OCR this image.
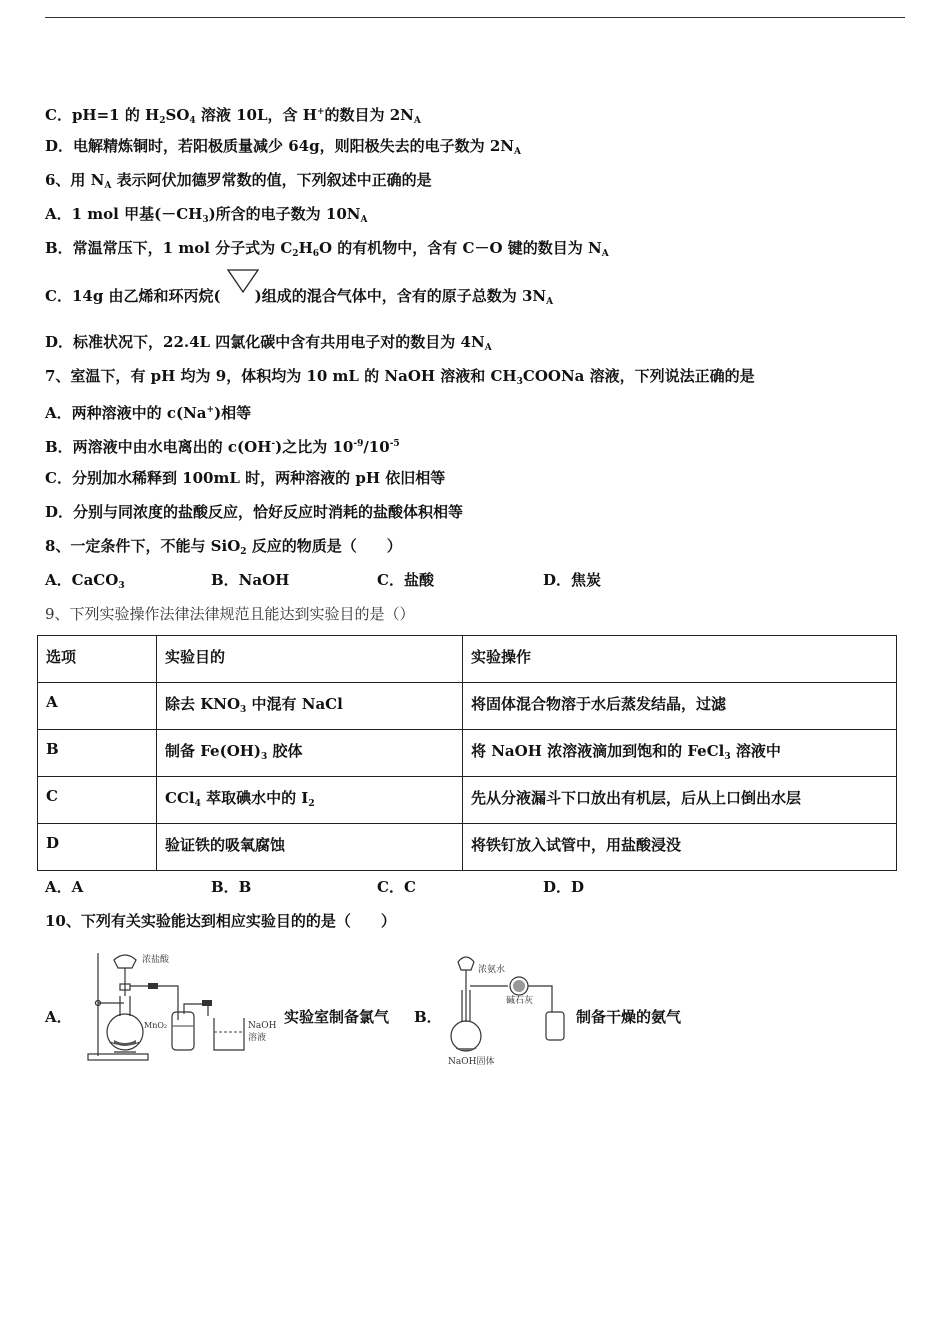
C．pH=1 的 $H_2SO_4$ 溶液 10L，含 H+的数目为 $2N_A$
D．电解精炼铜时，若阳极质量减少 64g，则阳极失去的电子数为 $2N_A$
6、用 $N_A$ 表示阿伏加德罗常数的值，下列叙述中正确的是
A．1 mol 甲基$(-CH_3)$所含的电子数为 $10N_A$
B．常温常压下，1 mol 分子式为 $C_2H_6O$ 的有机物中，含有 C－O 键的数目为 $N_A$
C．14g 由乙烯和环丙烷( )组成的混合气体中，含有的原子总数为 $3N_A$
D．标准状况下，22.4L 四氯化碳中含有共用电子对的数目为 $4N_A$
7、室温下，有 pH 均为 9，体积均为 10 mL 的 NaOH 溶液和 $CH_3COONa$ 溶液，下列说法正确的是
A．两种溶液中的 c(Na+)相等
B．两溶液中由水电离出的 c(OH-)之比为 $10^{-9}/10^{-5}$
C．分别加水稀释到 100mL 时，两种溶液的 pH 依旧相等
D．分别与同浓度的盐酸反应，恰好反应时消耗的盐酸体积相等
8、一定条件下，不能与 SiO$_2$ 反应的物质是（　　）
A．CaCO$_3$	B．NaOH	C．盐酸	D．焦炭
9、下列实验操作法律法律规范且能达到实验目的是（）
选项	实验目的	实验操作
A	除去 $KNO_3$ 中混有 NaCl	将固体混合物溶于水后蒸发结晶，过滤
B	制备 $Fe(OH)_3$ 胶体	将 NaOH 浓溶液滴加到饱和的 FeCl$_3$ 溶液中
C	CCl$_4$ 萃取碘水中的 $I_2$	先从分液漏斗下口放出有机层，后从上口倒出水层
D	验证铁的吸氧腐蚀	将铁钉放入试管中，用盐酸浸没
A．A	B．B	C．C	D．D
10、下列有关实验能达到相应实验目的的是（　　）
A．
浓盐酸
MnO₂	NaOH
溶液
实验室制备氯气 B．
浓氨水
碱石灰
NaOH固体
制备干燥的氨气
